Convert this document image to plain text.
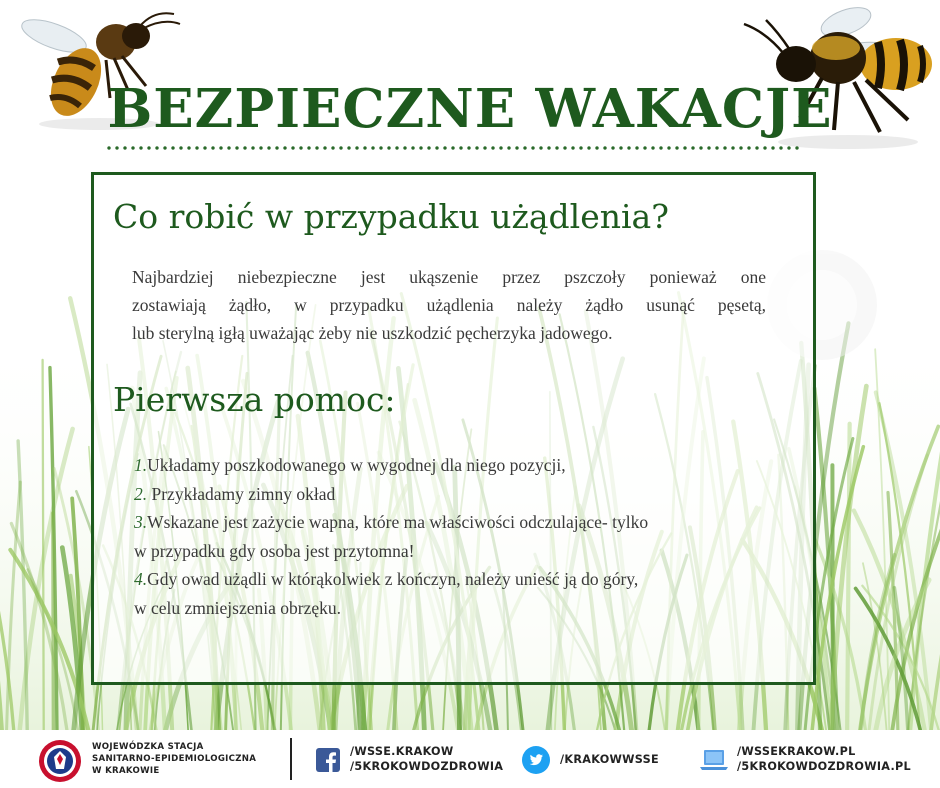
BEZPIECZNE WAKACJE
Co robić w przypadku użądlenia?
Najbardziej niebezpieczne jest ukąszenie przez pszczoły ponieważ one
zostawiają żądło, w przypadku użądlenia należy żądło usunąć pęsetą,
lub sterylną igłą uważając żeby nie uszkodzić pęcherzyka jadowego.
Pierwsza pomoc:
1.Układamy poszkodowanego w wygodnej dla niego pozycji,
2. Przykładamy zimny okład
3.Wskazane jest zażycie wapna, które ma właściwości odczulające- tylko
w przypadku gdy osoba jest przytomna!
4.Gdy owad użądli w którąkolwiek z kończyn, należy unieść ją do góry,
w celu zmniejszenia obrzęku.
WOJEWÓDZKA STACJA
SANITARNO-EPIDEMIOLOGICZNA
W KRAKOWIE
/WSSE.KRAKOW
/5KROKOWDOZDROWIA
/KRAKOWWSSE
/WSSEKRAKOW.PL
/5KROKOWDOZDROWIA.PL
